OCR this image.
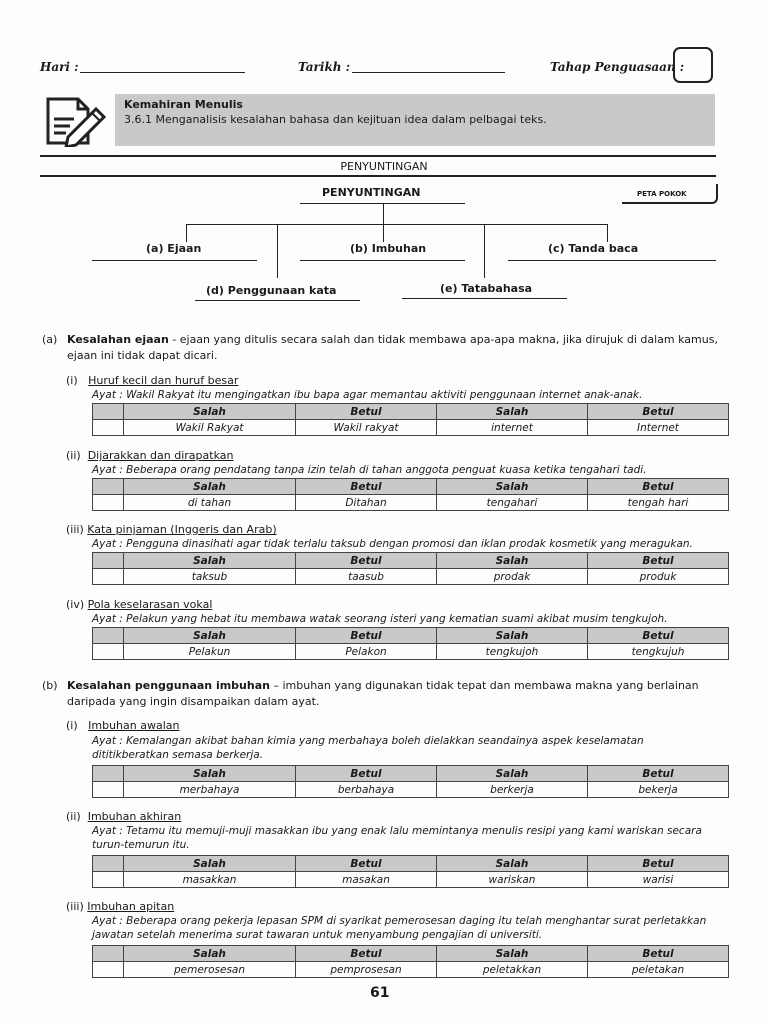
Hari :	Tarikh :	Tahap Penguasaan :
Kemahiran Menulis
3.6.1 Menganalisis kesalahan bahasa dan kejituan idea dalam pelbagai teks.
PENYUNTINGAN
PENYUNTINGAN	PETA POKOK
(a) Ejaan	(b) Imbuhan	(c) Tanda baca
(d) Penggunaan kata	(e) Tatabahasa
(a) Kesalahan ejaan - ejaan yang ditulis secara salah dan tidak membawa apa-apa makna, jika dirujuk di dalam kamus, ejaan ini tidak dapat dicari.
(i) Huruf kecil dan huruf besar
Ayat : Wakil Rakyat itu mengingatkan ibu bapa agar memantau aktiviti penggunaan internet anak-anak.
	Salah	Betul	Salah	Betul
	Wakil Rakyat	Wakil rakyat	internet	Internet
(ii) Dijarakkan dan dirapatkan
Ayat : Beberapa orang pendatang tanpa izin telah di tahan anggota penguat kuasa ketika tengahari tadi.
	Salah	Betul	Salah	Betul
	di tahan	Ditahan	tengahari	tengah hari
(iii) Kata pinjaman (Inggeris dan Arab)
Ayat : Pengguna dinasihati agar tidak terlalu taksub dengan promosi dan iklan prodak kosmetik yang meragukan.
	Salah	Betul	Salah	Betul
	taksub	taasub	prodak	produk
(iv) Pola keselarasan vokal
Ayat : Pelakun yang hebat itu membawa watak seorang isteri yang kematian suami akibat musim tengkujoh.
	Salah	Betul	Salah	Betul
	Pelakun	Pelakon	tengkujoh	tengkujuh
(b) Kesalahan penggunaan imbuhan – imbuhan yang digunakan tidak tepat dan membawa makna yang berlainan daripada yang ingin disampaikan dalam ayat.
(i) Imbuhan awalan
Ayat : Kemalangan akibat bahan kimia yang merbahaya boleh dielakkan seandainya aspek keselamatan dititikberatkan semasa berkerja.
	Salah	Betul	Salah	Betul
	merbahaya	berbahaya	berkerja	bekerja
(ii) Imbuhan akhiran
Ayat : Tetamu itu memuji-muji masakkan ibu yang enak lalu memintanya menulis resipi yang kami wariskan secara turun-temurun itu.
	Salah	Betul	Salah	Betul
	masakkan	masakan	wariskan	warisi
(iii) Imbuhan apitan
Ayat : Beberapa orang pekerja lepasan SPM di syarikat pemerosesan daging itu telah menghantar surat perletakkan jawatan setelah menerima surat tawaran untuk menyambung pengajian di universiti.
	Salah	Betul	Salah	Betul
	pemerosesan	pemprosesan	peletakkan	peletakan
61
